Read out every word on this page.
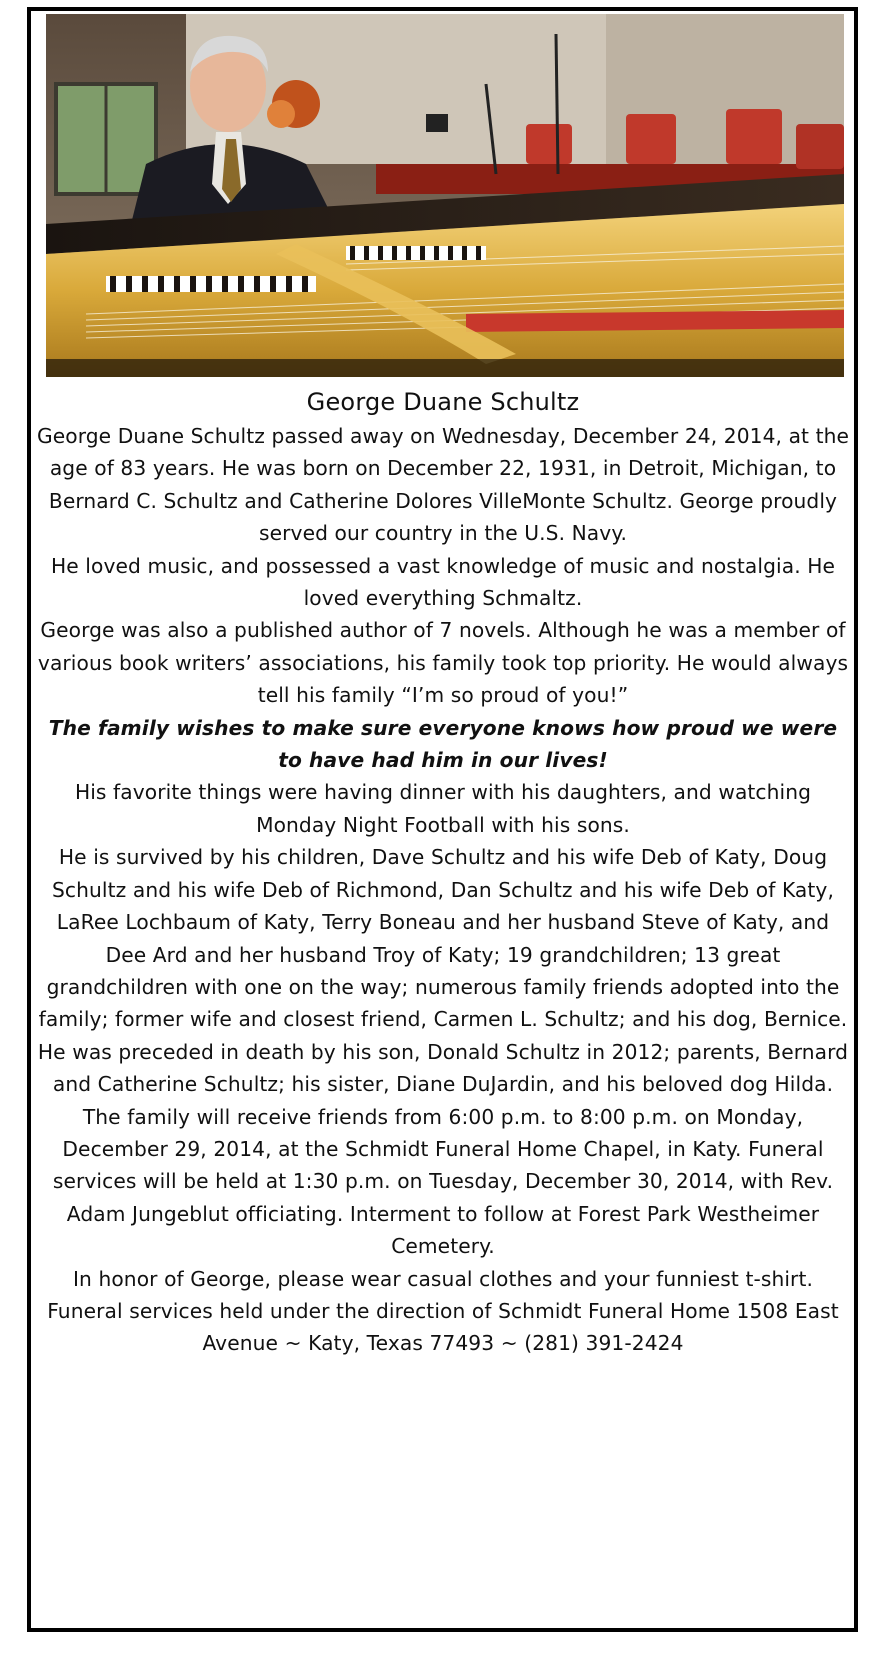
George Duane Schultz

George Duane Schultz passed away on Wednesday, December 24, 2014, at the age of 83 years. He was born on December 22, 1931, in Detroit, Michigan, to Bernard C. Schultz and Catherine Dolores VilleMonte Schultz. George proudly served our country in the U.S. Navy.

He loved music, and possessed a vast knowledge of music and nostalgia. He loved everything Schmaltz.

George was also a published author of 7 novels. Although he was a member of various book writers’ associations, his family took top priority. He would always tell his family “I’m so proud of you!”

The family wishes to make sure everyone knows how proud we were to have had him in our lives!

His favorite things were having dinner with his daughters, and watching Monday Night Football with his sons.

He is survived by his children, Dave Schultz and his wife Deb of Katy, Doug Schultz and his wife Deb of Richmond, Dan Schultz and his wife Deb of Katy, LaRee Lochbaum of Katy, Terry Boneau and her husband Steve of Katy, and Dee Ard and her husband Troy of Katy; 19 grandchildren; 13 great grandchildren with one on the way; numerous family friends adopted into the family; former wife and closest friend, Carmen L. Schultz; and his dog, Bernice.

He was preceded in death by his son, Donald Schultz in 2012; parents, Bernard and Catherine Schultz; his sister, Diane DuJardin, and his beloved dog Hilda.

The family will receive friends from 6:00 p.m. to 8:00 p.m. on Monday, December 29, 2014, at the Schmidt Funeral Home Chapel, in Katy. Funeral services will be held at 1:30 p.m. on Tuesday, December 30, 2014, with Rev. Adam Jungeblut officiating. Interment to follow at Forest Park Westheimer Cemetery.

In honor of George, please wear casual clothes and your funniest t-shirt. Funeral services held under the direction of Schmidt Funeral Home 1508 East Avenue ~ Katy, Texas 77493 ~ (281) 391-2424
